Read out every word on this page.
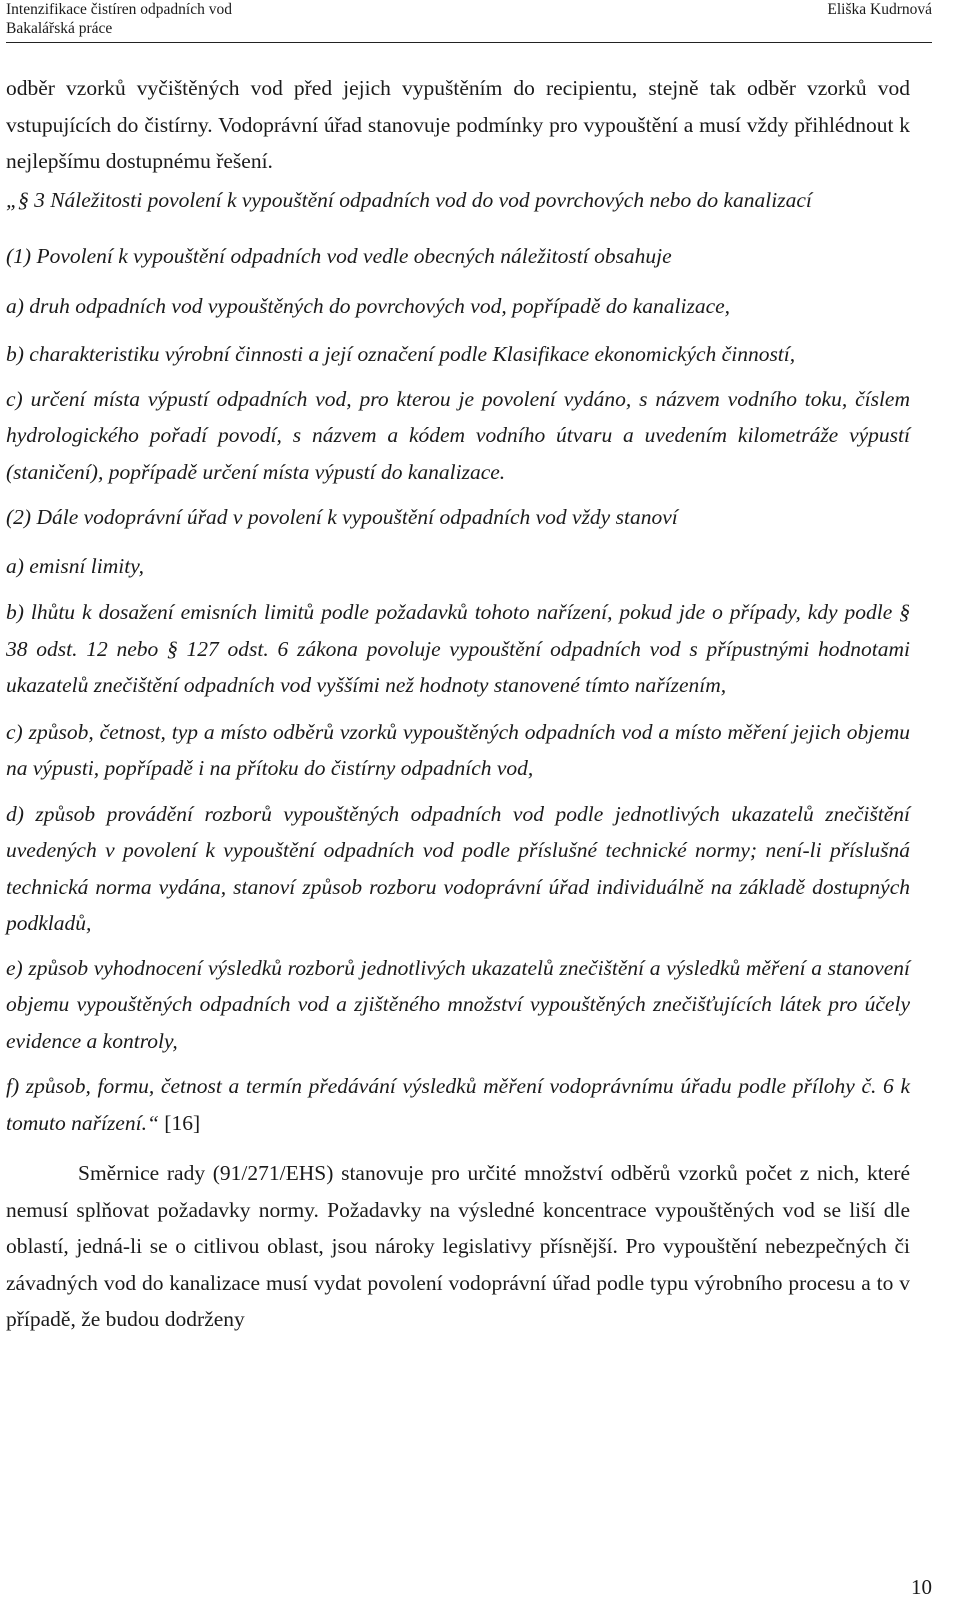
Intenzifikace čistíren odpadních vod
Bakalářská práce
Eliška Kudrnová

odběr vzorků vyčištěných vod před jejich vypuštěním do recipientu, stejně tak odběr vzorků vod vstupujících do čistírny. Vodoprávní úřad stanovuje podmínky pro vypouštění a musí vždy přihlédnout k nejlepšímu dostupnému řešení.

„§ 3 Náležitosti povolení k vypouštění odpadních vod do vod povrchových nebo do kanalizací

(1) Povolení k vypouštění odpadních vod vedle obecných náležitostí obsahuje

a) druh odpadních vod vypouštěných do povrchových vod, popřípadě do kanalizace,

b) charakteristiku výrobní činnosti a její označení podle Klasifikace ekonomických činností,

c) určení místa výpustí odpadních vod, pro kterou je povolení vydáno, s názvem vodního toku, číslem hydrologického pořadí povodí, s názvem a kódem vodního útvaru a uvedením kilometráže výpustí (staničení), popřípadě určení místa výpustí do kanalizace.

(2) Dále vodoprávní úřad v povolení k vypouštění odpadních vod vždy stanoví

a) emisní limity,

b) lhůtu k dosažení emisních limitů podle požadavků tohoto nařízení, pokud jde o případy, kdy podle § 38 odst. 12 nebo § 127 odst. 6 zákona povoluje vypouštění odpadních vod s přípustnými hodnotami ukazatelů znečištění odpadních vod vyššími než hodnoty stanovené tímto nařízením,

c) způsob, četnost, typ a místo odběrů vzorků vypouštěných odpadních vod a místo měření jejich objemu na výpusti, popřípadě i na přítoku do čistírny odpadních vod,

d) způsob provádění rozborů vypouštěných odpadních vod podle jednotlivých ukazatelů znečištění uvedených v povolení k vypouštění odpadních vod podle příslušné technické normy; není-li příslušná technická norma vydána, stanoví způsob rozboru vodoprávní úřad individuálně na základě dostupných podkladů,

e) způsob vyhodnocení výsledků rozborů jednotlivých ukazatelů znečištění a výsledků měření a stanovení objemu vypouštěných odpadních vod a zjištěného množství vypouštěných znečišťujících látek pro účely evidence a kontroly,

f) způsob, formu, četnost a termín předávání výsledků měření vodoprávnímu úřadu podle přílohy č. 6 k tomuto nařízení.“ [16]

Směrnice rady (91/271/EHS) stanovuje pro určité množství odběrů vzorků počet z nich, které nemusí splňovat požadavky normy. Požadavky na výsledné koncentrace vypouštěných vod se liší dle oblastí, jedná-li se o citlivou oblast, jsou nároky legislativy přísnější. Pro vypouštění nebezpečných či závadných vod do kanalizace musí vydat povolení vodoprávní úřad podle typu výrobního procesu a to v případě, že budou dodrženy

10
